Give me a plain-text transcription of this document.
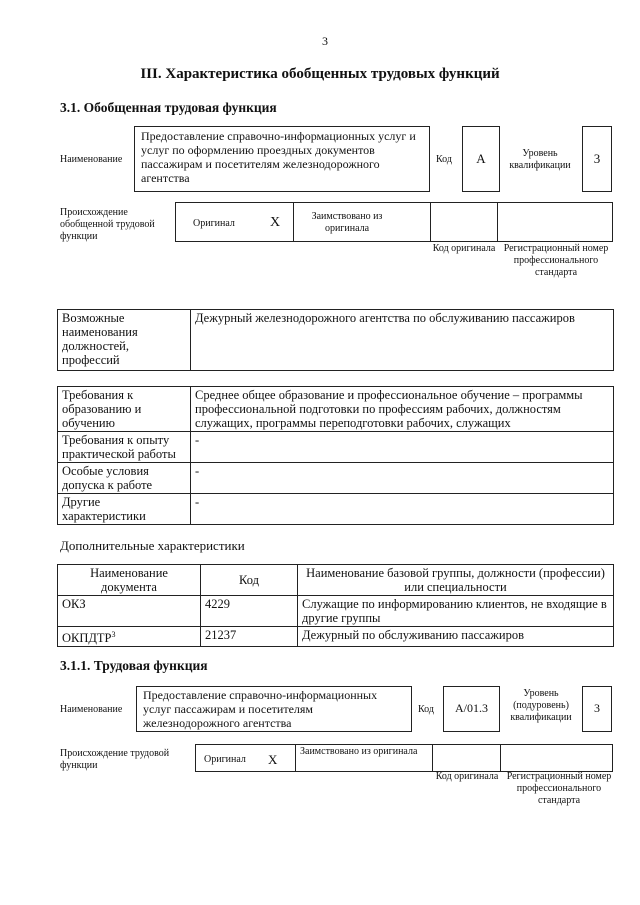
3
III. Характеристика обобщенных трудовых функций
3.1. Обобщенная трудовая функция
Наименование
Предоставление справочно-информационных услуг и услуг по оформлению проездных документов пассажирам и посетителям железнодорожного агентства
Код	А	Уровень квалификации	3
Происхождение обобщенной трудовой функции
Оригинал	Х	Заимствовано из оригинала
Код оригинала Регистрационный номер профессионального стандарта
Возможные наименования должностей, профессий	Дежурный железнодорожного агентства по обслуживанию пассажиров
Требования к образованию и обучению	Среднее общее образование и профессиональное обучение – программы профессиональной подготовки по профессиям рабочих, должностям служащих, программы переподготовки рабочих, служащих
Требования к опыту практической работы	-
Особые условия допуска к работе	-
Другие характеристики	-
Дополнительные характеристики
Наименование документа	Код	Наименование базовой группы, должности (профессии) или специальности
ОКЗ	4229	Служащие по информированию клиентов, не входящие в другие группы
ОКПДТР$^3$	21237	Дежурный по обслуживанию пассажиров
3.1.1. Трудовая функция
Наименование
Предоставление справочно-информационных услуг пассажирам и посетителям железнодорожного агентства
Код	A/01.3
Уровень (подуровень) квалификации
3
Происхождение трудовой функции
Оригинал Х
Заимствовано из оригинала
Код оригинала Регистрационный номер профессионального стандарта
